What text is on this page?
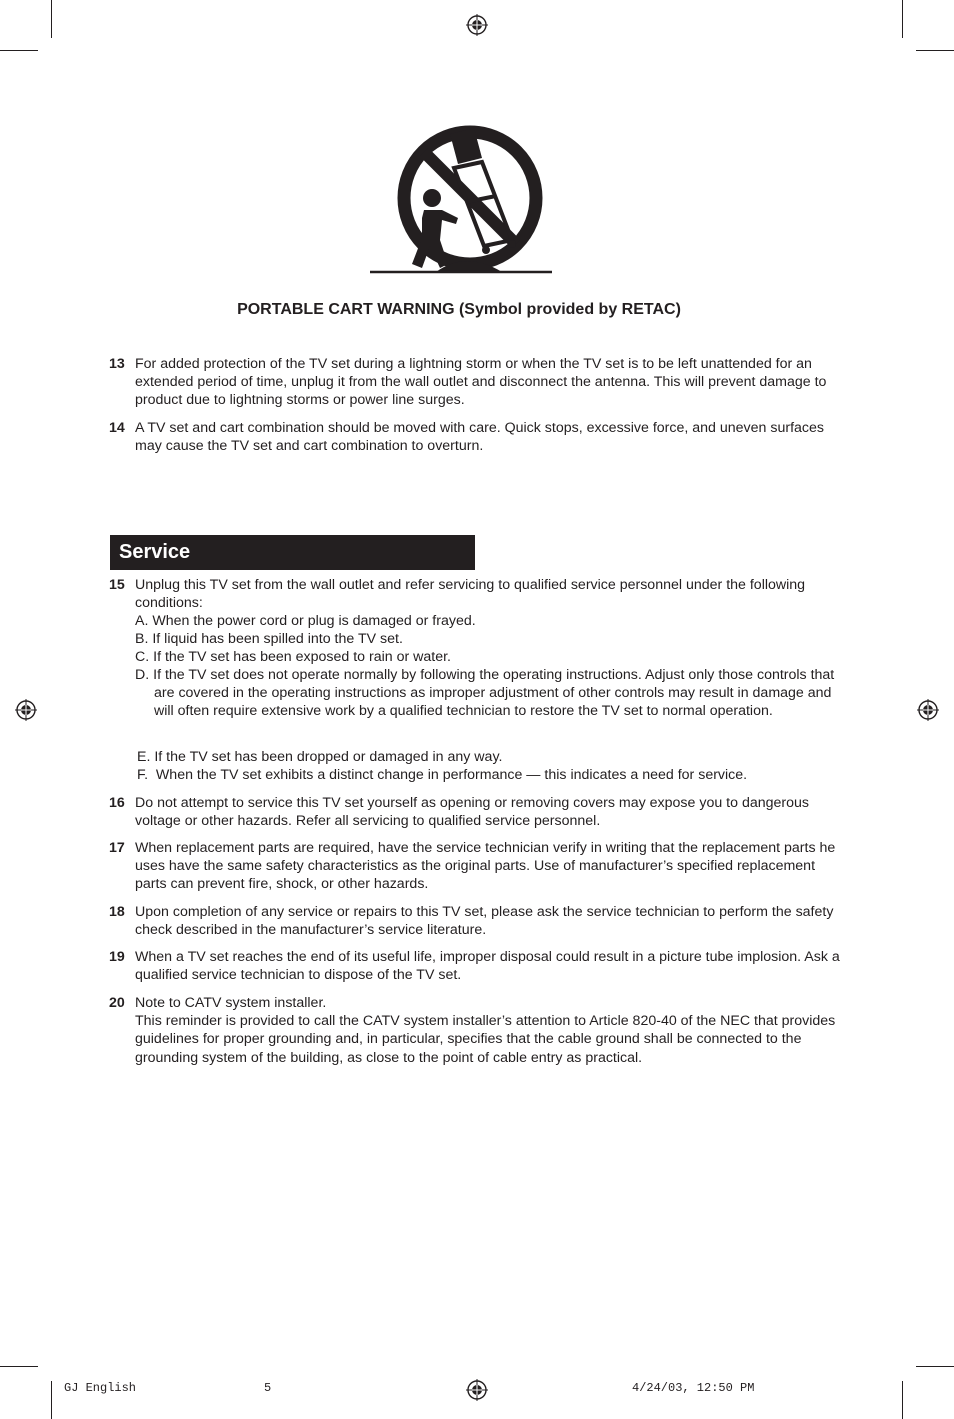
PORTABLE CART WARNING (Symbol provided by RETAC)
13 For added protection of the TV set during a lightning storm or when the TV set is to be left unattended for an extended period of time, unplug it from the wall outlet and disconnect the antenna. This will prevent damage to product due to lightning storms or power line surges.
14 A TV set and cart combination should be moved with care. Quick stops, excessive force, and uneven surfaces may cause the TV set and cart combination to overturn.
Service
15 Unplug this TV set from the wall outlet and refer servicing to qualified service personnel under the following conditions:
A. When the power cord or plug is damaged or frayed.
B. If liquid has been spilled into the TV set.
C. If the TV set has been exposed to rain or water.
D. If the TV set does not operate normally by following the operating instructions. Adjust only those controls that are covered in the operating instructions as improper adjustment of other controls may result in damage and will often require extensive work by a qualified technician to restore the TV set to normal operation.
E. If the TV set has been dropped or damaged in any way.
F.  When the TV set exhibits a distinct change in performance — this indicates a need for service.
16 Do not attempt to service this TV set yourself as opening or removing covers may expose you to dangerous voltage or other hazards. Refer all servicing to qualified service personnel.
17 When replacement parts are required, have the service technician verify in writing that the replacement parts he uses have the same safety characteristics as the original parts. Use of manufacturer’s specified replacement parts can prevent fire, shock, or other hazards.
18 Upon completion of any service or repairs to this TV set, please ask the service technician to perform the safety check described in the manufacturer’s service literature.
19 When a TV set reaches the end of its useful life, improper disposal could result in a picture tube implosion. Ask a qualified service technician to dispose of the TV set.
20 Note to CATV system installer.
This reminder is provided to call the CATV system installer’s attention to Article 820-40 of the NEC that provides guidelines for proper grounding and, in particular, specifies that the cable ground shall be connected to the grounding system of the building, as close to the point of cable entry as practical.
GJ English	5	4/24/03, 12:50 PM
